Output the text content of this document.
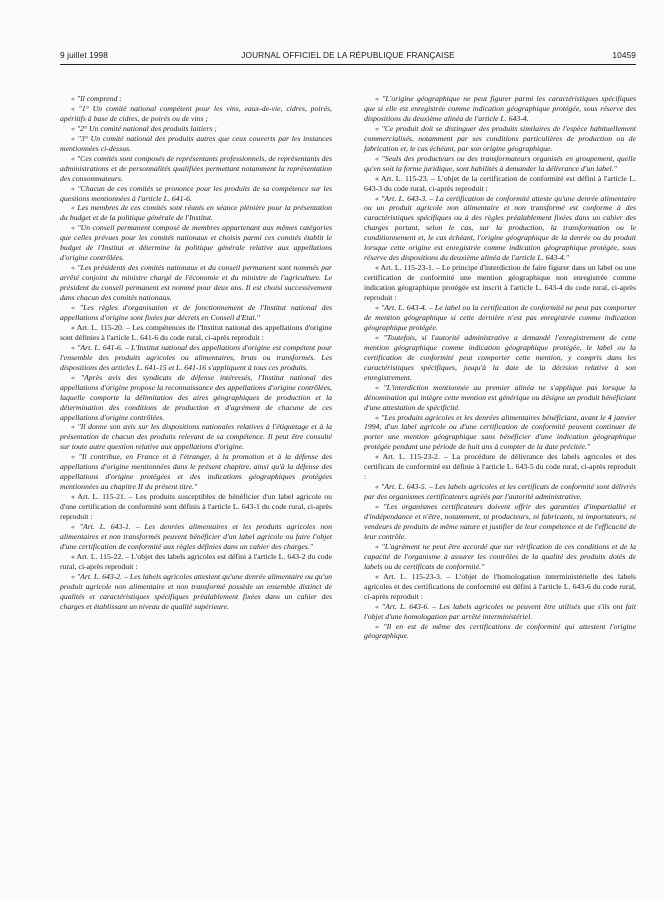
9 juillet 1998	JOURNAL OFFICIEL DE LA RÉPUBLIQUE FRANÇAISE	10459

« "Il comprend :

« "1° Un comité national compétent pour les vins, eaux-de-vie, cidres, poirés, apéritifs à base de cidres, de poirés ou de vins ;

« "2° Un comité national des produits laitiers ;

« "3° Un comité national des produits autres que ceux couverts par les instances mentionnées ci-dessus.

« "Ces comités sont composés de représentants professionnels, de représentants des administrations et de personnalités qualifiées permettant notamment la représentation des consommateurs.

« "Chacun de ces comités se prononce pour les produits de sa compétence sur les questions mentionnées à l'article L. 641-6.

« Les membres de ces comités sont réunis en séance plénière pour la présentation du budget et de la politique générale de l'Institut.

« "Un conseil permanent composé de membres appartenant aux mêmes catégories que celles prévues pour les comités nationaux et choisis parmi ces comités établit le budget de l'Institut et détermine la politique générale relative aux appellations d'origine contrôlées.

« "Les présidents des comités nationaux et du conseil permanent sont nommés par arrêté conjoint du ministre chargé de l'économie et du ministre de l'agriculture. Le président du conseil permanent est nommé pour deux ans. Il est choisi successivement dans chacun des comités nationaux.

« "Les règles d'organisation et de fonctionnement de l'Institut national des appellations d'origine sont fixées par décrets en Conseil d'Etat."

« Art. L. 115-20. – Les compétences de l'Institut national des appellations d'origine sont définies à l'article L. 641-6 du code rural, ci-après reproduit :

« "Art. L. 641-6. – L'Institut national des appellations d'origine est compétent pour l'ensemble des produits agricoles ou alimentaires, bruts ou transformés. Les dispositions des articles L. 641-15 et L. 641-16 s'appliquent à tous ces produits.

« "Après avis des syndicats de défense intéressés, l'Institut national des appellations d'origine propose la reconnaissance des appellations d'origine contrôlées, laquelle comporte la délimitation des aires géographiques de production et la détermination des conditions de production et d'agrément de chacune de ces appellations d'origine contrôlées.

« "Il donne son avis sur les dispositions nationales relatives à l'étiquetage et à la présentation de chacun des produits relevant de sa compétence. Il peut être consulté sur toute autre question relative aux appellations d'origine.

« "Il contribue, en France et à l'étranger, à la promotion et à la défense des appellations d'origine mentionnées dans le présent chapitre, ainsi qu'à la défense des appellations d'origine protégées et des indications géographiques protégées mentionnées au chapitre II du présent titre."

« Art. L. 115-21. – Les produits susceptibles de bénéficier d'un label agricole ou d'une certification de conformité sont définis à l'article L. 643-1 du code rural, ci-après reproduit :

« "Art. L. 643-1. – Les denrées alimentaires et les produits agricoles non alimentaires et non transformés peuvent bénéficier d'un label agricole ou faire l'objet d'une certification de conformité aux règles définies dans un cahier des charges."

« Art. L. 115-22. – L'objet des labels agricoles est défini à l'article L. 643-2 du code rural, ci-après reproduit :

« "Art. L. 643-2. – Les labels agricoles attestent qu'une denrée alimentaire ou qu'un produit agricole non alimentaire et non transformé possède un ensemble distinct de qualités et caractéristiques spécifiques préalablement fixées dans un cahier des charges et établissant un niveau de qualité supérieure.

« "L'origine géographique ne peut figurer parmi les caractéristiques spécifiques que si elle est enregistrée comme indication géographique protégée, sous réserve des dispositions du deuxième alinéa de l'article L. 643-4.

« "Ce produit doit se distinguer des produits similaires de l'espèce habituellement commercialisés, notamment par ses conditions particulières de production ou de fabrication et, le cas échéant, par son origine géographique.

« "Seuls des producteurs ou des transformateurs organisés en groupement, quelle qu'en soit la forme juridique, sont habilités à demander la délivrance d'un label."

« Art. L. 115-23. – L'objet de la certification de conformité est défini à l'article L. 643-3 du code rural, ci-après reproduit :

« "Art. L. 643-3. – La certification de conformité atteste qu'une denrée alimentaire ou un produit agricole non alimentaire et non transformé est conforme à des caractéristiques spécifiques ou à des règles préalablement fixées dans un cahier des charges portant, selon le cas, sur la production, la transformation ou le conditionnement et, le cas échéant, l'origine géographique de la denrée ou du produit lorsque cette origine est enregistrée comme indication géographique protégée, sous réserve des dispositions du deuxième alinéa de l'article L. 643-4."

« Art. L. 115-23-1. – Le principe d'interdiction de faire figurer dans un label ou une certification de conformité une mention géographique non enregistrée comme indication géographique protégée est inscrit à l'article L. 643-4 du code rural, ci-après reproduit :

« "Art. L. 643-4. – Le label ou la certification de conformité ne peut pas comporter de mention géographique si cette dernière n'est pas enregistrée comme indication géographique protégée.

« "Toutefois, si l'autorité administrative a demandé l'enregistrement de cette mention géographique comme indication géographique protégée, le label ou la certification de conformité peut comporter cette mention, y compris dans les caractéristiques spécifiques, jusqu'à la date de la décision relative à son enregistrement.

« "L'interdiction mentionnée au premier alinéa ne s'applique pas lorsque la dénomination qui intègre cette mention est générique ou désigne un produit bénéficiant d'une attestation de spécificité.

« "Les produits agricoles et les denrées alimentaires bénéficiant, avant le 4 janvier 1994, d'un label agricole ou d'une certification de conformité peuvent continuer de porter une mention géographique sans bénéficier d'une indication géographique protégée pendant une période de huit ans à compter de la date précitée."

« Art. L. 115-23-2. – La procédure de délivrance des labels agricoles et des certificats de conformité est définie à l'article L. 643-5 du code rural, ci-après reproduit :

« "Art. L. 643-5. – Les labels agricoles et les certificats de conformité sont délivrés par des organismes certificateurs agréés par l'autorité administrative.

« "Les organismes certificateurs doivent offrir des garanties d'impartialité et d'indépendance et n'être, notamment, ni producteurs, ni fabricants, ni importateurs, ni vendeurs de produits de même nature et justifier de leur compétence et de l'efficacité de leur contrôle.

« "L'agrément ne peut être accordé que sur vérification de ces conditions et de la capacité de l'organisme à assurer les contrôles de la qualité des produits dotés de labels ou de certificats de conformité."

« Art. L. 115-23-3. – L'objet de l'homologation interministérielle des labels agricoles et des certifications de conformité est défini à l'article L. 643-6 du code rural, ci-après reproduit :

« "Art. L. 643-6. – Les labels agricoles ne peuvent être utilisés que s'ils ont fait l'objet d'une homologation par arrêté interministériel.

« "Il en est de même des certifications de conformité qui attestent l'origine géographique.
